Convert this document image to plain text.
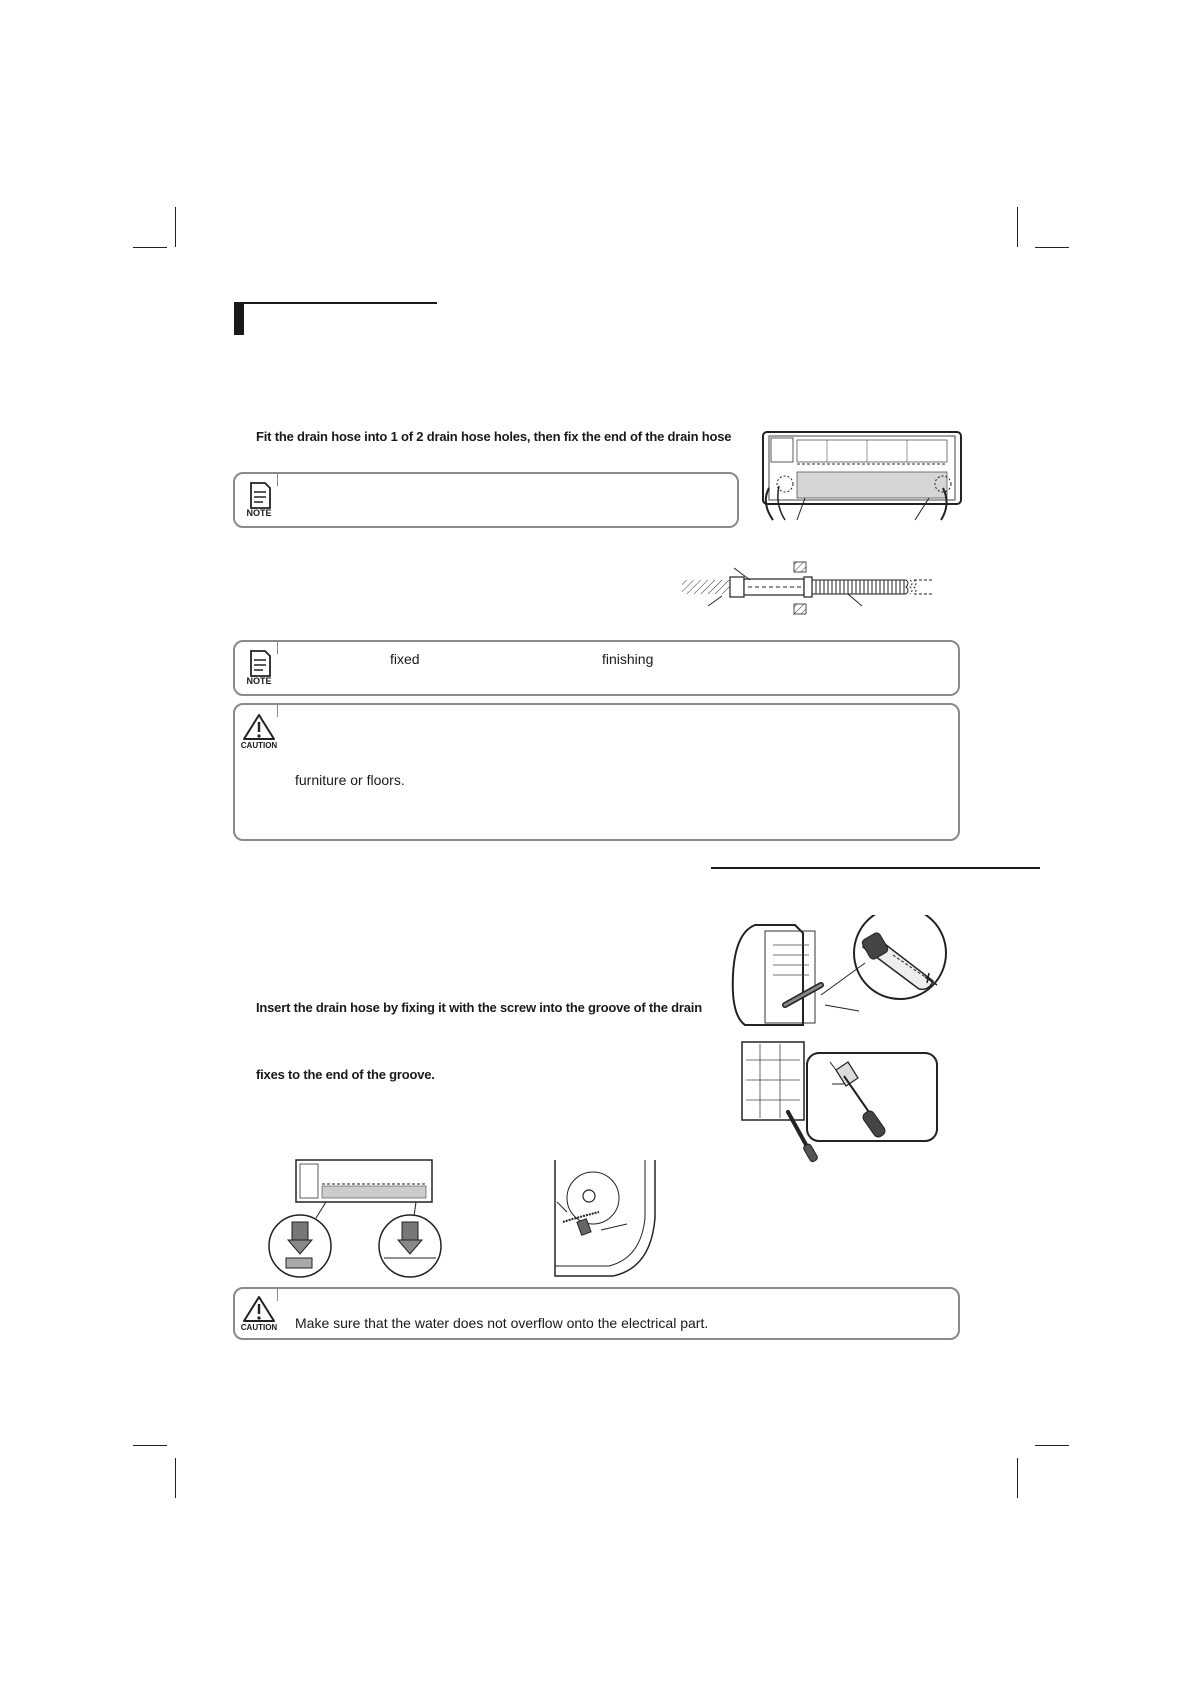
Fit the drain hose into 1 of 2 drain hose holes, then fix the end of the drain hose
NOTE
NOTE
fixed	finishing
CAUTION
furniture or floors.
Insert the drain hose by fixing it with the screw into the groove of the drain
fixes to the end of the groove.
CAUTION Make sure that the water does not overflow onto the electrical part.
